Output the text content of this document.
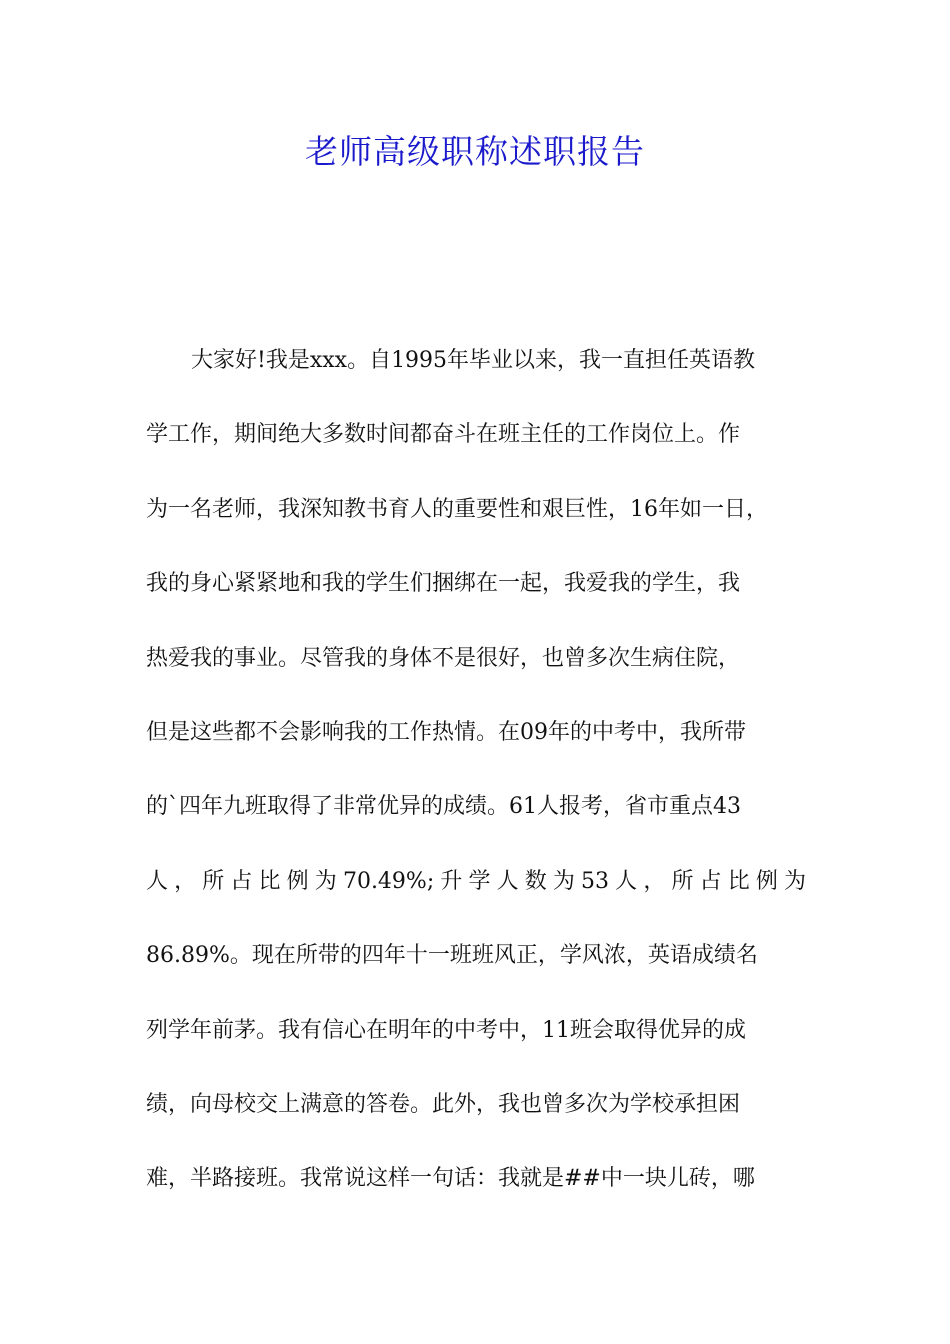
老师高级职称述职报告
大家好!我是xxx。自1995年毕业以来，我一直担任英语教
学工作，期间绝大多数时间都奋斗在班主任的工作岗位上。作
为一名老师，我深知教书育人的重要性和艰巨性，16年如一日，
我的身心紧紧地和我的学生们捆绑在一起，我爱我的学生，我
热爱我的事业。尽管我的身体不是很好，也曾多次生病住院，
但是这些都不会影响我的工作热情。在09年的中考中，我所带
的`四年九班取得了非常优异的成绩。61人报考，省市重点43
人，所占比例为70.49%;升学人数为53人，所占比例为
86.89%。现在所带的四年十一班班风正，学风浓，英语成绩名
列学年前茅。我有信心在明年的中考中，11班会取得优异的成
绩，向母校交上满意的答卷。此外，我也曾多次为学校承担困
难，半路接班。我常说这样一句话：我就是##中一块儿砖，哪
